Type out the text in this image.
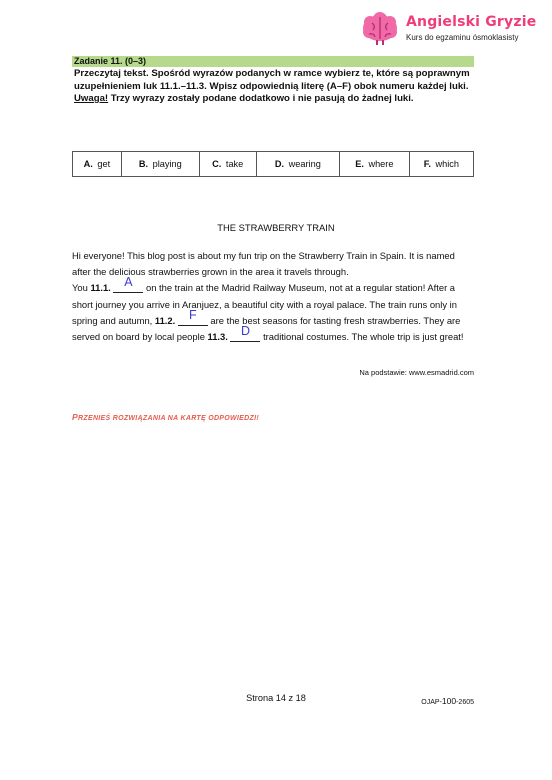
Angielski Gryzie
Kurs do egzaminu ósmoklasisty
Zadanie 11. (0–3)

Przeczytaj tekst. Spośród wyrazów podanych w ramce wybierz te, które są poprawnym uzupełnieniem luk 11.1.–11.3. Wpisz odpowiednią literę (A–F) obok numeru każdej luki.

Uwaga! Trzy wyrazy zostały podane dodatkowo i nie pasują do żadnej luki.

A. get	B. playing	C. take	D. wearing	E. where	F. which
THE STRAWBERRY TRAIN

Hi everyone! This blog post is about my fun trip on the Strawberry Train in Spain. It is named after the delicious strawberries grown in the area it travels through.

You 11.1.	A	on the train at the Madrid Railway Museum, not at a regular station! After a short journey you arrive in Aranjuez, a beautiful city with a royal palace. The train runs only in spring and autumn, 11.2.	F	are the best seasons for tasting fresh strawberries. They are served on board by local people 11.3.	D	traditional costumes. The whole trip is just great!

Na podstawie: www.esmadrid.com
PRZENIEŚ ROZWIĄZANIA NA KARTĘ ODPOWIEDZI!
Strona 14 z 18	OJAP-100-2605
